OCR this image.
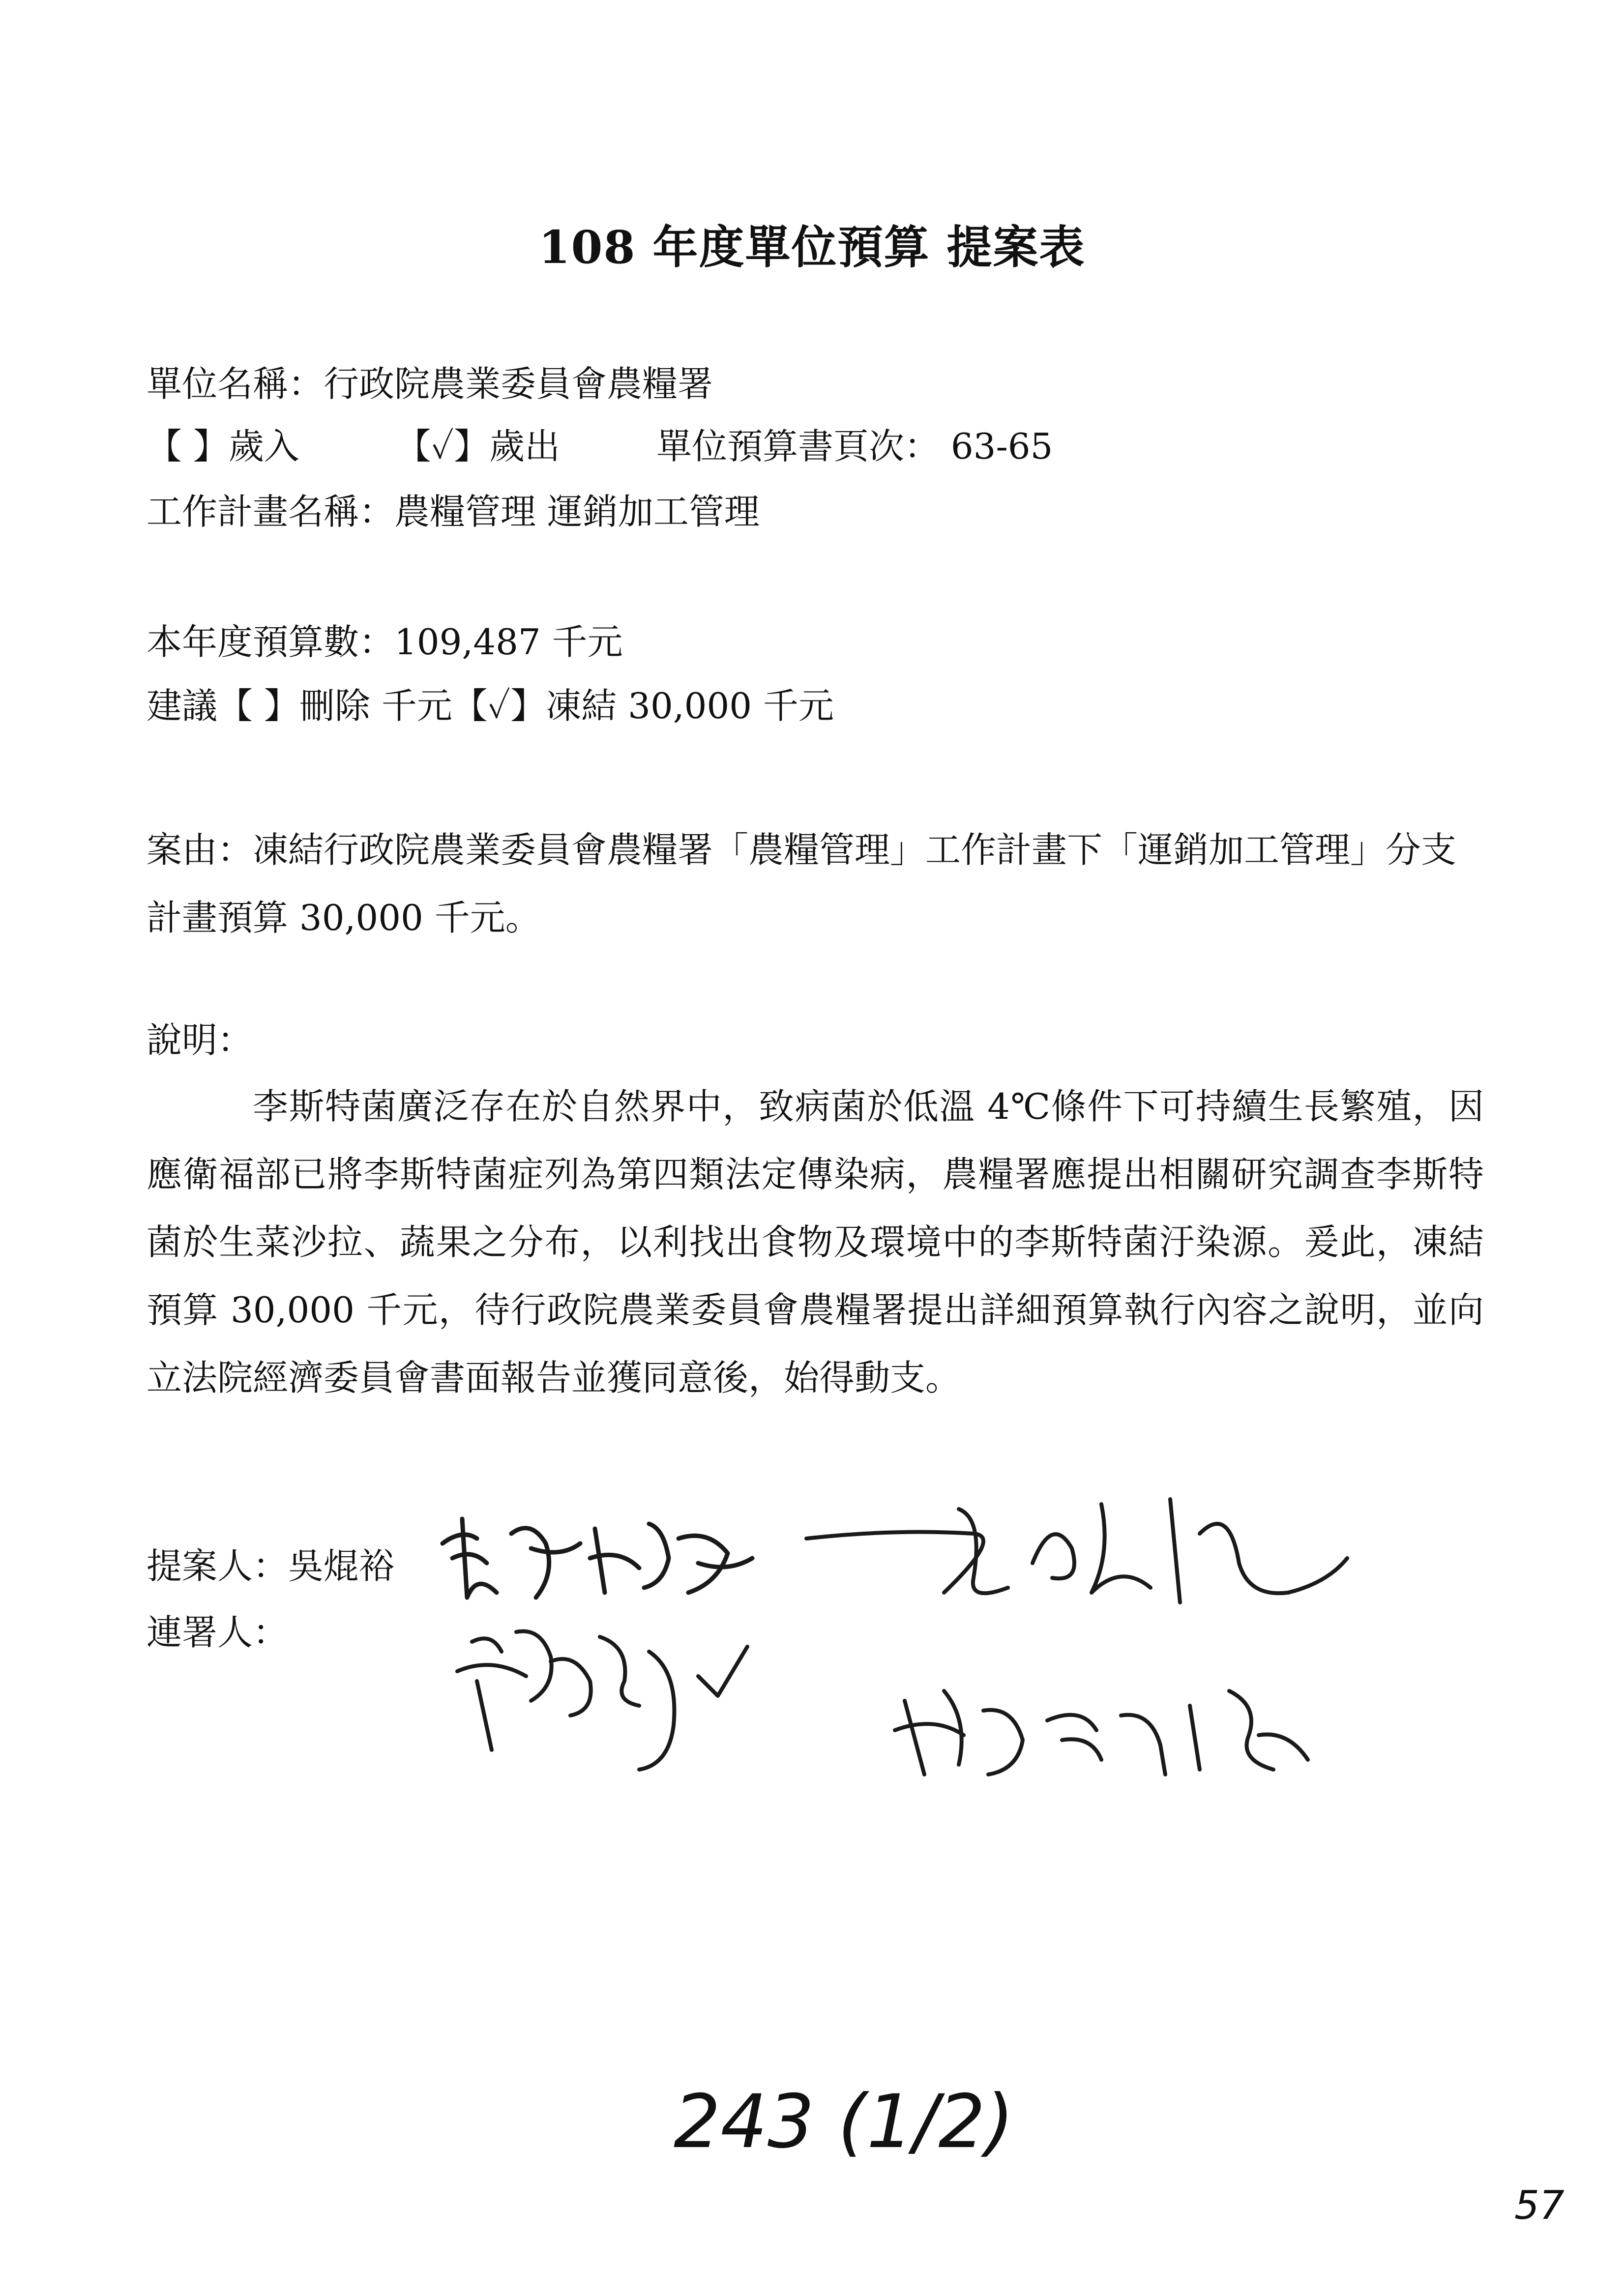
108 年度單位預算 提案表
單位名稱：行政院農業委員會農糧署
【 】歲入	【✓】歲出	單位預算書頁次： 63-65
工作計畫名稱：農糧管理 運銷加工管理
本年度預算數：109,487 千元
建議【 】刪除 千元【✓】凍結 30,000 千元
案由：凍結行政院農業委員會農糧署「農糧管理」工作計畫下「運銷加工管理」分支計畫預算 30,000 千元。
說明：
李斯特菌廣泛存在於自然界中，致病菌於低溫 4℃條件下可持續生長繁殖，因應衛福部已將李斯特菌症列為第四類法定傳染病，農糧署應提出相關研究調查李斯特菌於生菜沙拉、蔬果之分布，以利找出食物及環境中的李斯特菌汙染源。爰此，凍結預算 30,000 千元，待行政院農業委員會農糧署提出詳細預算執行內容之說明，並向立法院經濟委員會書面報告並獲同意後，始得動支。
提案人：吳焜裕
連署人：
243 (1/2)
57
